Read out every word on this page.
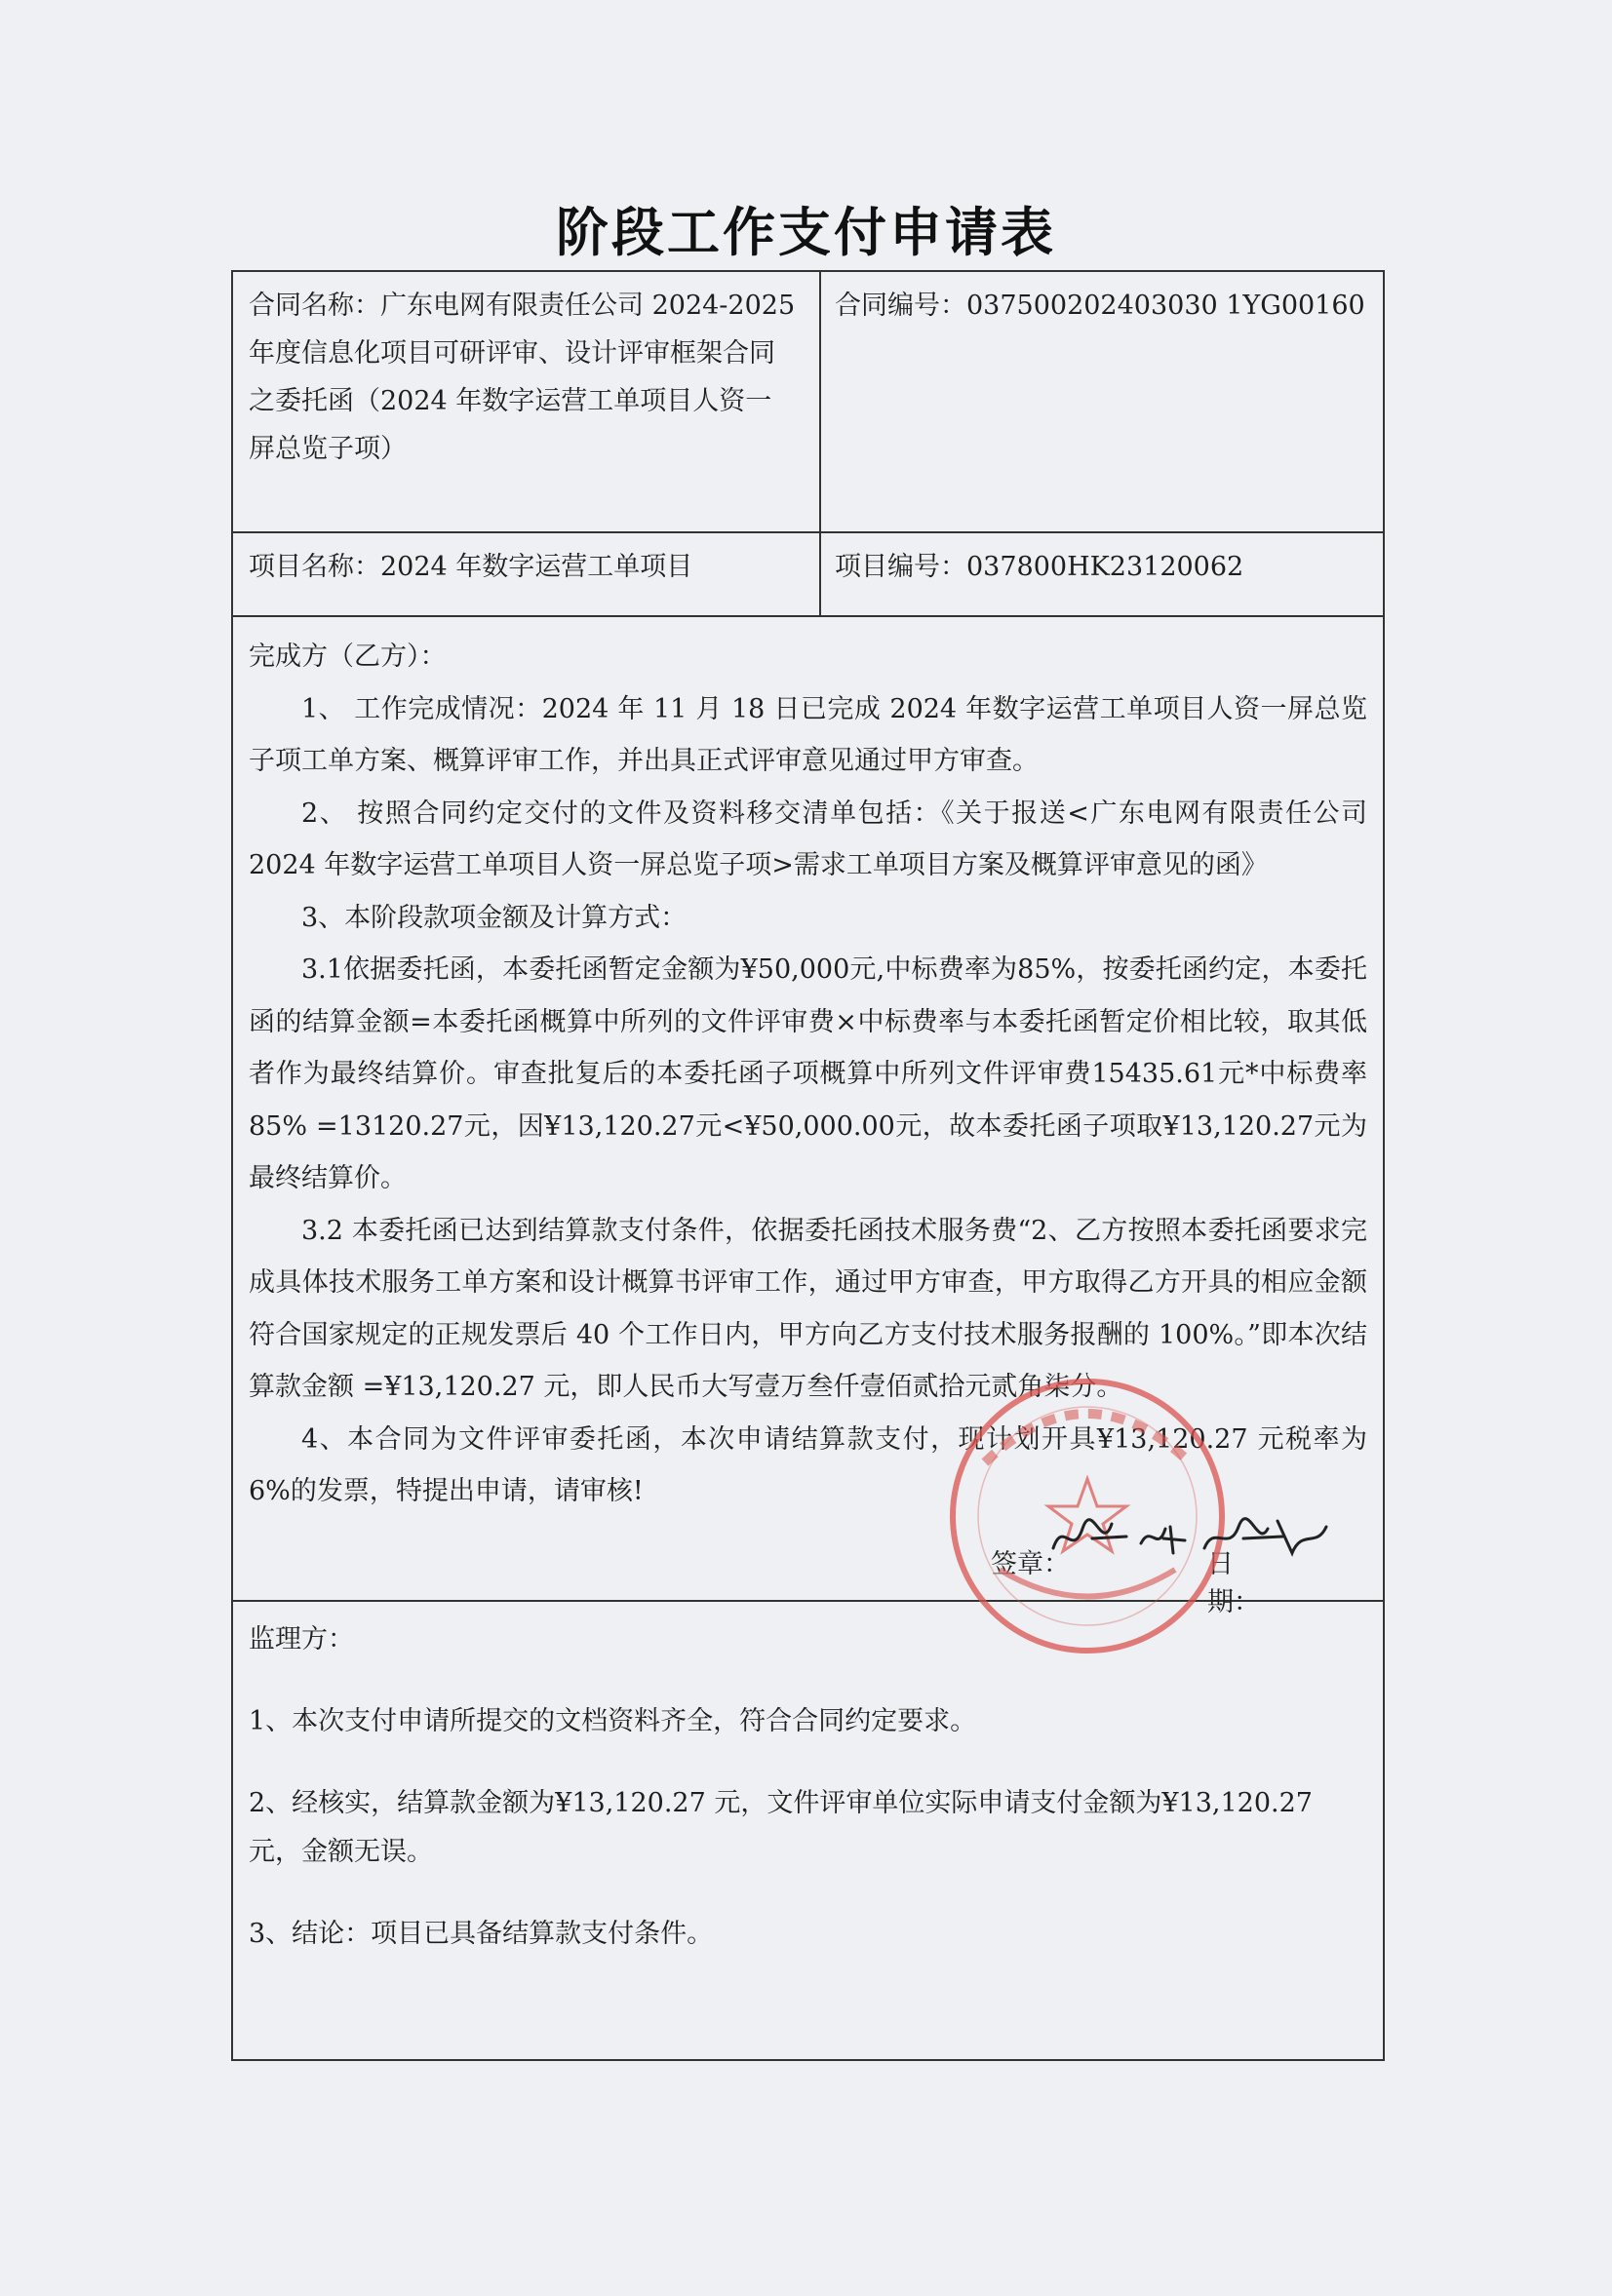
阶段工作支付申请表
合同名称：广东电网有限责任公司 2024-2025
年度信息化项目可研评审、设计评审框架合同
之委托函（2024 年数字运营工单项目人资一
屏总览子项）
合同编号：037500202403030 1YG00160
项目名称：2024 年数字运营工单项目	项目编号：037800HK23120062
完成方（乙方）：
1、 工作完成情况：2024 年 11 月 18 日已完成 2024 年数字运营工单项目人资一屏总览子项工单方案、概算评审工作，并出具正式评审意见通过甲方审查。
2、 按照合同约定交付的文件及资料移交清单包括：《关于报送<广东电网有限责任公司 2024 年数字运营工单项目人资一屏总览子项>需求工单项目方案及概算评审意见的函》
3、本阶段款项金额及计算方式：
3.1依据委托函，本委托函暂定金额为¥50,000元,中标费率为85%，按委托函约定，本委托函的结算金额=本委托函概算中所列的文件评审费×中标费率与本委托函暂定价相比较，取其低者作为最终结算价。审查批复后的本委托函子项概算中所列文件评审费15435.61元*中标费率85% =13120.27元，因¥13,120.27元<¥50,000.00元，故本委托函子项取¥13,120.27元为最终结算价。
3.2 本委托函已达到结算款支付条件，依据委托函技术服务费“2、乙方按照本委托函要求完成具体技术服务工单方案和设计概算书评审工作，通过甲方审查，甲方取得乙方开具的相应金额符合国家规定的正规发票后 40 个工作日内，甲方向乙方支付技术服务报酬的 100%。”即本次结算款金额 =¥13,120.27 元，即人民币大写壹万叁仟壹佰贰拾元贰角柒分。
4、本合同为文件评审委托函，本次申请结算款支付，现计划开具¥13,120.27 元税率为 6%的发票，特提出申请，请审核!
监理方：
1、本次支付申请所提交的文档资料齐全，符合合同约定要求。
2、经核实，结算款金额为¥13,120.27 元，文件评审单位实际申请支付金额为¥13,120.27 元，金额无误。
3、结论：项目已具备结算款支付条件。
签章：	日期：
